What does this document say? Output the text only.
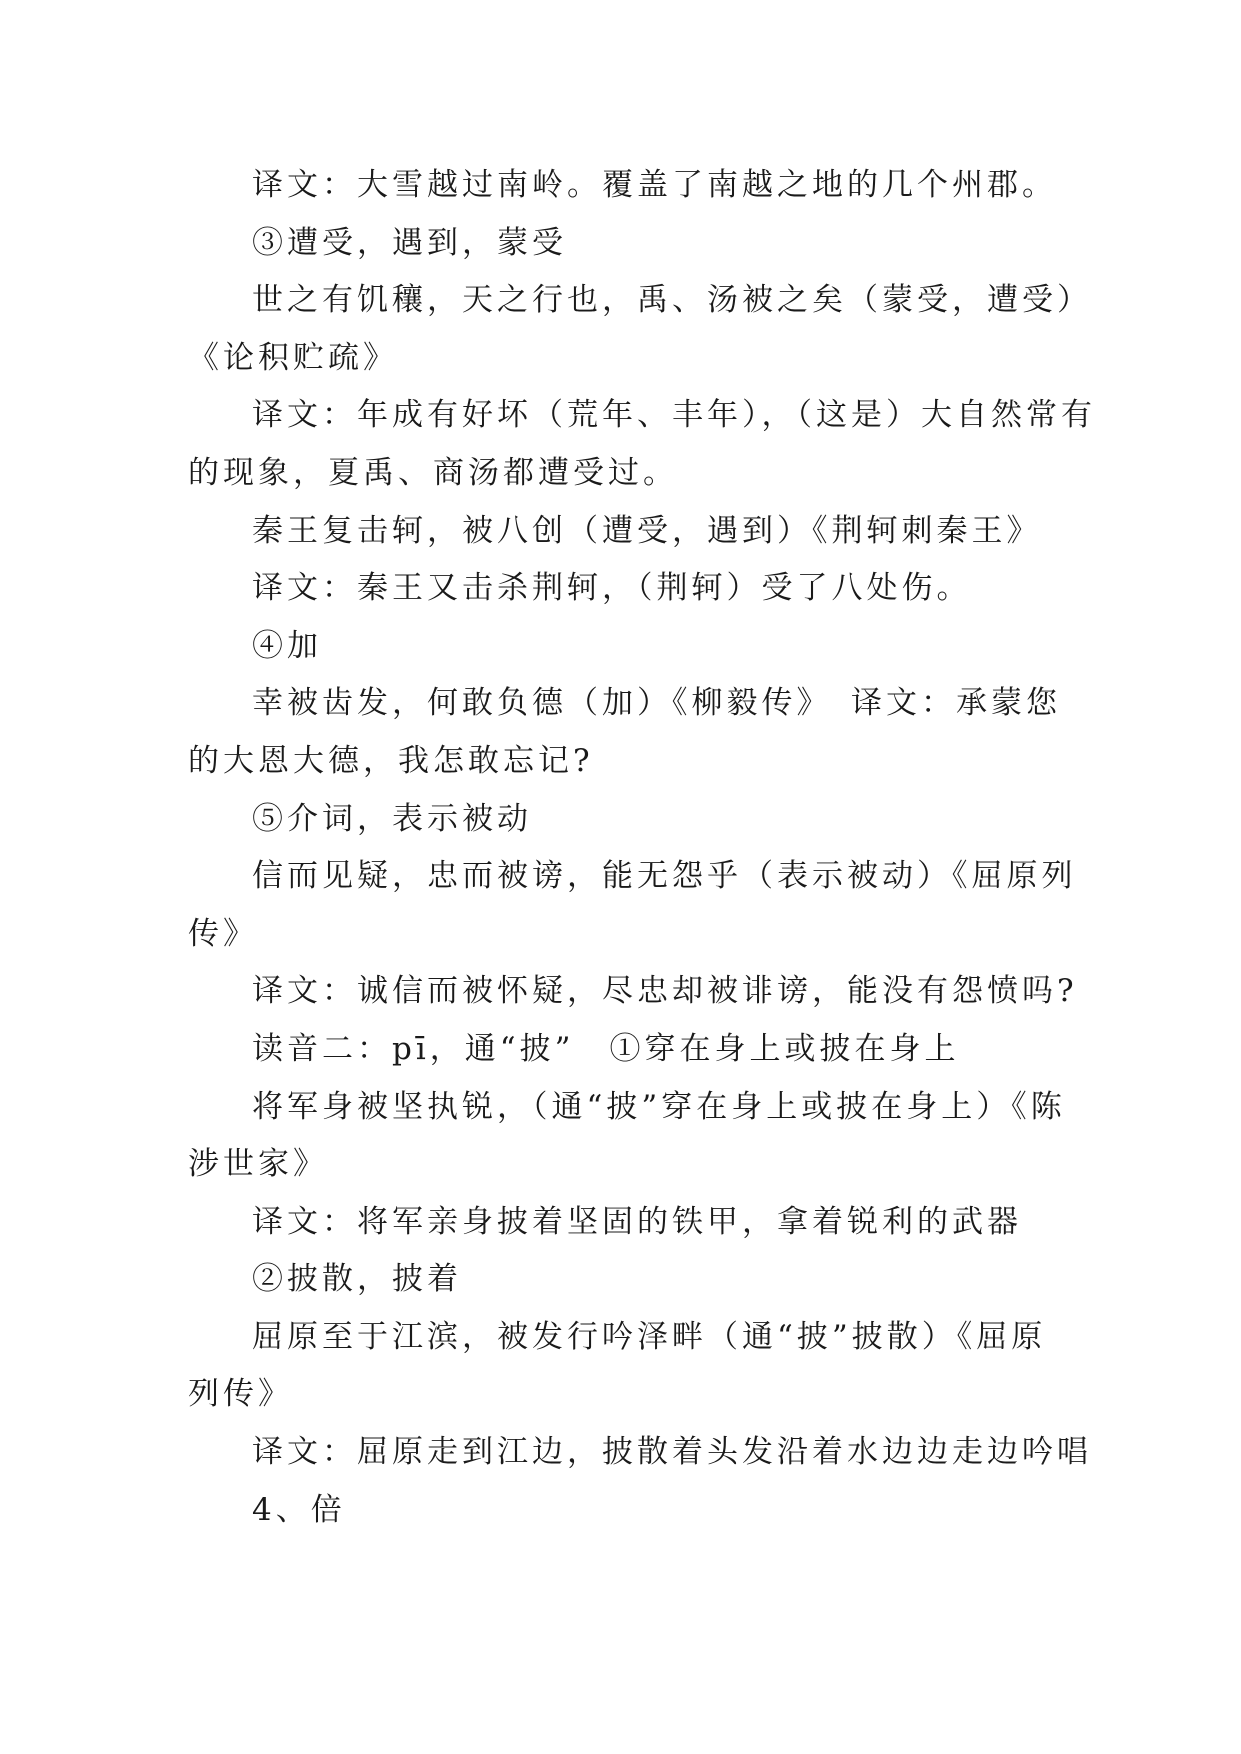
译文：大雪越过南岭。覆盖了南越之地的几个州郡。
③遭受，遇到，蒙受
世之有饥穰，天之行也，禹、汤被之矣（蒙受，遭受）
《论积贮疏》
译文：年成有好坏（荒年、丰年），（这是）大自然常有
的现象，夏禹、商汤都遭受过。
秦王复击轲，被八创（遭受，遇到）《荆轲刺秦王》
译文：秦王又击杀荆轲，（荆轲）受了八处伤。
④加
幸被齿发，何敢负德（加）《柳毅传》　译文：承蒙您
的大恩大德，我怎敢忘记?
⑤介词，表示被动
信而见疑，忠而被谤，能无怨乎（表示被动）《屈原列
传》
译文：诚信而被怀疑，尽忠却被诽谤，能没有怨愤吗?
读音二：pī，通“披”　①穿在身上或披在身上
将军身被坚执锐，（通“披”穿在身上或披在身上）《陈
涉世家》
译文：将军亲身披着坚固的铁甲，拿着锐利的武器
②披散，披着
屈原至于江滨，被发行吟泽畔（通“披”披散）《屈原
列传》
译文：屈原走到江边，披散着头发沿着水边边走边吟唱
4、倍
